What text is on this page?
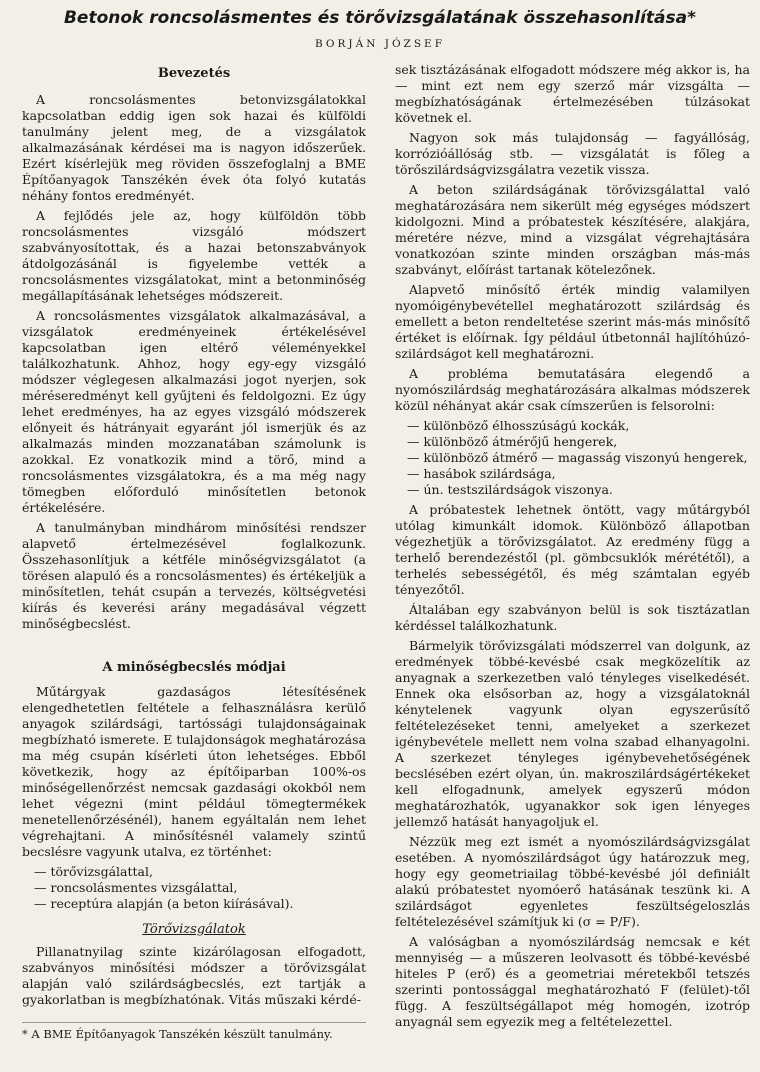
Betonok roncsolásmentes és törővizsgálatának összehasonlítása*
BORJÁN JÓZSEF
Bevezetés

A roncsolásmentes betonvizsgálatokkal kapcsolatban eddig igen sok hazai és külföldi tanulmány jelent meg, de a vizsgálatok alkalmazásának kérdései ma is nagyon időszerűek. Ezért kísérlejük meg röviden összefoglalnj a BME Építőanyagok Tanszékén évek óta folyó kutatás néhány fontos eredményét.

A fejlődés jele az, hogy külföldön több roncsolásmentes vizsgáló módszert szabványosítottak, és a hazai betonszabványok átdolgozásánál is figyelembe vették a roncsolásmentes vizsgálatokat, mint a betonminőség megállapításának lehetséges módszereit.

A roncsolásmentes vizsgálatok alkalmazásával, a vizsgálatok eredményeinek értékelésével kapcsolatban igen eltérő véleményekkel találkozhatunk. Ahhoz, hogy egy-egy vizsgáló módszer véglegesen alkalmazási jogot nyerjen, sok méréseredményt kell gyűjteni és feldolgozni. Ez úgy lehet eredményes, ha az egyes vizsgáló módszerek előnyeit és hátrányait egyaránt jól ismerjük és az alkalmazás minden mozzanatában számolunk is azokkal. Ez vonatkozik mind a törő, mind a roncsolásmentes vizsgálatokra, és a ma még nagy tömegben előforduló minősítetlen betonok értékelésére.

A tanulmányban mindhárom minősítési rendszer alapvető értelmezésével foglalkozunk. Összehasonlítjuk a kétféle minőségvizsgálatot (a törésen alapuló és a roncsolásmentes) és értékeljük a minősítetlen, tehát csupán a tervezés, költségvetési kiírás és keverési arány megadásával végzett minőségbecslést.

A minőségbecslés módjai

Műtárgyak gazdaságos létesítésének elengedhetetlen feltétele a felhasználásra kerülő anyagok szilárdsági, tartóssági tulajdonságainak megbízható ismerete. E tulajdonságok meghatározása ma még csupán kísérleti úton lehetséges. Ebből következik, hogy az építőiparban 100%-os minőségellenőrzést nemcsak gazdasági okokból nem lehet végezni (mint például tömegtermékek menetellenőrzésénél), hanem egyáltalán nem lehet végrehajtani. A minősítésnél valamely szintű becslésre vagyunk utalva, ez történhet:

— törővizsgálattal,
— roncsolásmentes vizsgálattal,
— receptúra alapján (a beton kiírásával).
Törővizsgálatok

Pillanatnyilag szinte kizárólagosan elfogadott, szabványos minősítési módszer a törővizsgálat alapján való szilárdságbecslés, ezt tartják a gyakorlatban is megbízhatónak. Vitás műszaki kérdé-

* A BME Építőanyagok Tanszékén készült tanulmány.

sek tisztázásának elfogadott módszere még akkor is, ha — mint ezt nem egy szerző már vizsgálta — megbízhatóságának értelmezésében túlzásokat követnek el.

Nagyon sok más tulajdonság — fagyállóság, korrózióállóság stb. — vizsgálatát is főleg a törőszilárdságvizsgálatra vezetik vissza.

A beton szilárdságának törővizsgálattal való meghatározására nem sikerült még egységes módszert kidolgozni. Mind a próbatestek készítésére, alakjára, méretére nézve, mind a vizsgálat végrehajtására vonatkozóan szinte minden országban más-más szabványt, előírást tartanak kötelezőnek.

Alapvető minősítő érték mindig valamilyen nyomóigénybevétellel meghatározott szilárdság és emellett a beton rendeltetése szerint más-más minősítő értéket is előírnak. Így például útbetonnál hajlítóhúzó-szilárdságot kell meghatározni.

A probléma bemutatására elegendő a nyomószilárdság meghatározására alkalmas módszerek közül néhányat akár csak címszerűen is felsorolni:

— különböző élhosszúságú kockák,
— különböző átmérőjű hengerek,
— különböző átmérő — magasság viszonyú hengerek,
— hasábok szilárdsága,
— ún. testszilárdságok viszonya.

A próbatestek lehetnek öntött, vagy műtárgyból utólag kimunkált idomok. Különböző állapotban végezhetjük a törővizsgálatot. Az eredmény függ a terhelő berendezéstől (pl. gömbcsuklók mérététől), a terhelés sebességétől, és még számtalan egyéb tényezőtől.

Általában egy szabványon belül is sok tisztázatlan kérdéssel találkozhatunk.

Bármelyik törővizsgálati módszerrel van dolgunk, az eredmények többé-kevésbé csak megközelítik az anyagnak a szerkezetben való tényleges viselkedését. Ennek oka elsősorban az, hogy a vizsgálatoknál kénytelenek vagyunk olyan egyszerűsítő feltételezéseket tenni, amelyeket a szerkezet igénybevétele mellett nem volna szabad elhanyagolni. A szerkezet tényleges igénybevehetőségének becslésében ezért olyan, ún. makroszilárdságértékeket kell elfogadnunk, amelyek egyszerű módon meghatározhatók, ugyanakkor sok igen lényeges jellemző hatását hanyagoljuk el.

Nézzük meg ezt ismét a nyomószilárdságvizsgálat esetében. A nyomószilárdságot úgy határozzuk meg, hogy egy geometriailag többé-kevésbé jól definiált alakú próbatestet nyomóerő hatásának teszünk ki. A szilárdságot egyenletes feszültségeloszlás feltételezésével számítjuk ki (σ = P/F).

A valóságban a nyomószilárdság nemcsak e két mennyiség — a műszeren leolvasott és többé-kevésbé hiteles P (erő) és a geometriai méretekből tetszés szerinti pontossággal meghatározható F (felület)-től függ. A feszültségállapot még homogén, izotróp anyagnál sem egyezik meg a feltételezettel.
